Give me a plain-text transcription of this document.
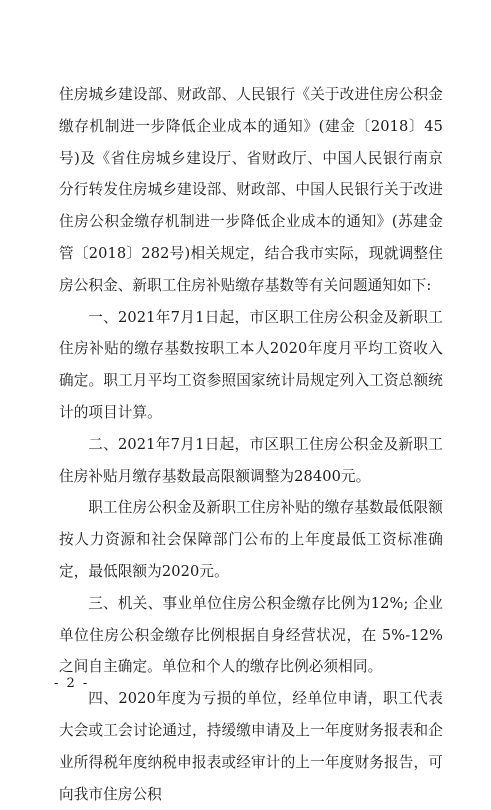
住房城乡建设部、财政部、人民银行《关于改进住房公积金缴存机制进一步降低企业成本的通知》(建金〔2018〕45号)及《省住房城乡建设厅、省财政厅、中国人民银行南京分行转发住房城乡建设部、财政部、中国人民银行关于改进住房公积金缴存机制进一步降低企业成本的通知》(苏建金管〔2018〕282号)相关规定，结合我市实际，现就调整住房公积金、新职工住房补贴缴存基数等有关问题通知如下:

一、2021年7月1日起，市区职工住房公积金及新职工住房补贴的缴存基数按职工本人2020年度月平均工资收入确定。职工月平均工资参照国家统计局规定列入工资总额统计的项目计算。

二、2021年7月1日起，市区职工住房公积金及新职工住房补贴月缴存基数最高限额调整为28400元。

职工住房公积金及新职工住房补贴的缴存基数最低限额按人力资源和社会保障部门公布的上年度最低工资标准确定，最低限额为2020元。

三、机关、事业单位住房公积金缴存比例为12%; 企业单位住房公积金缴存比例根据自身经营状况，在 5%-12%之间自主确定。单位和个人的缴存比例必须相同。

四、2020年度为亏损的单位，经单位申请，职工代表大会或工会讨论通过，持缓缴申请及上一年度财务报表和企业所得税年度纳税申报表或经审计的上一年度财务报告，可向我市住房公积

- 2 -
